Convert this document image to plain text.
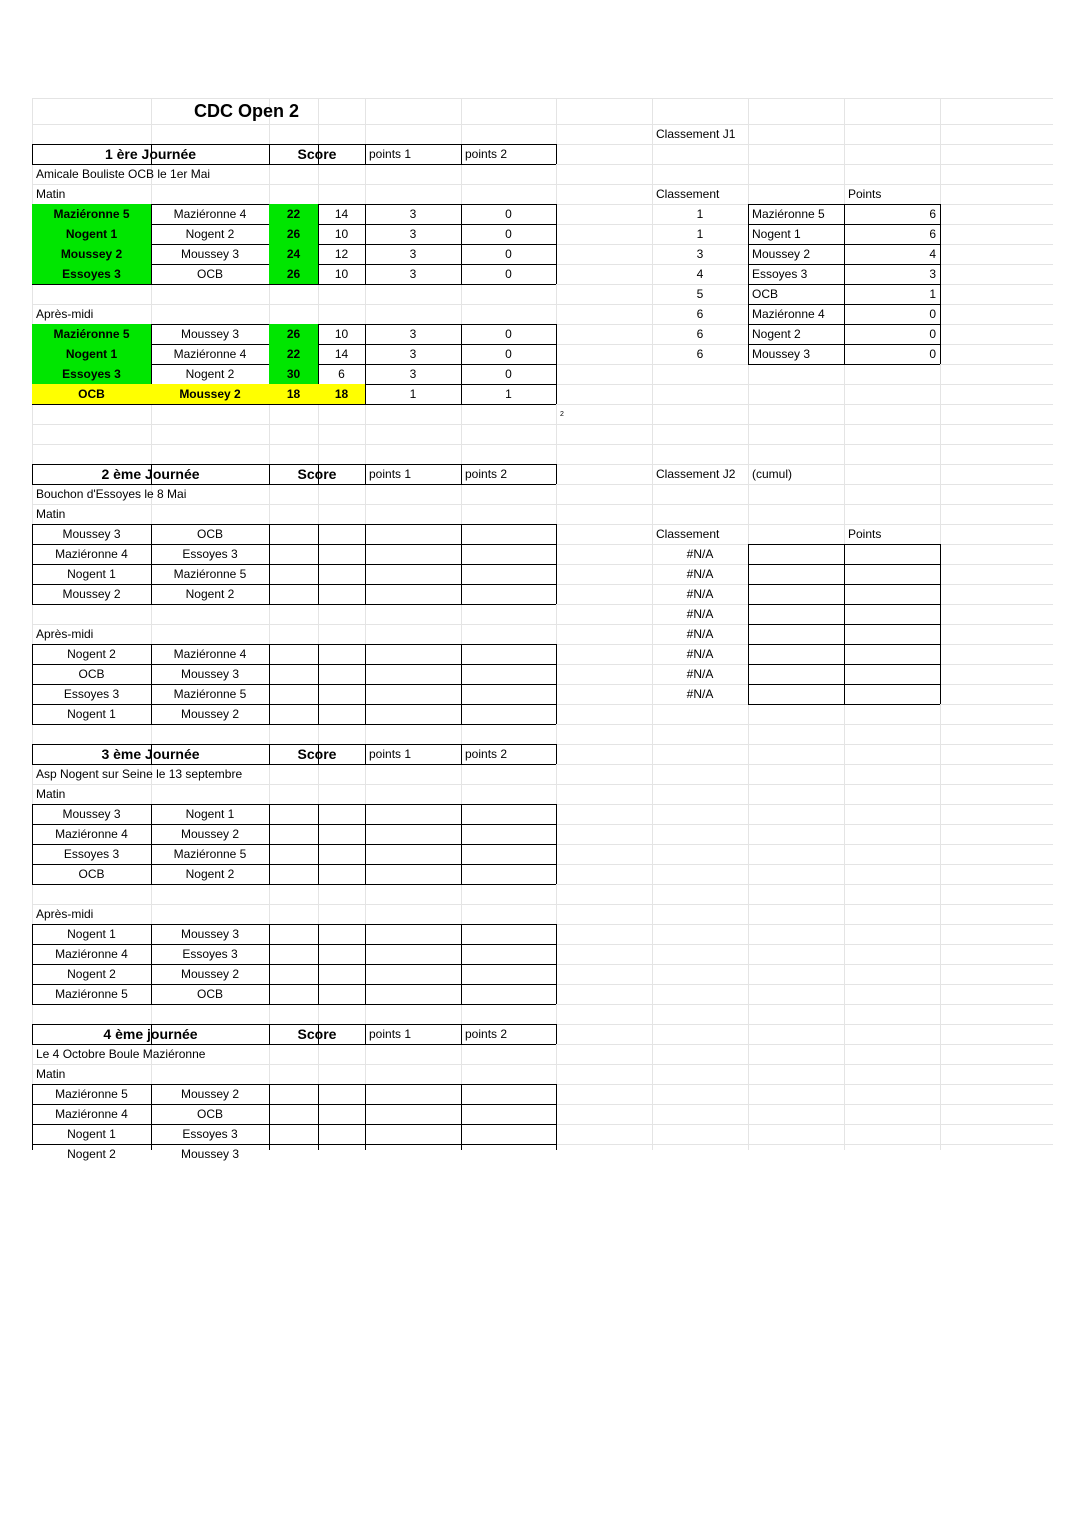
CDC Open 2
1 ère Journée	Score	points 1	points 2
Amicale Bouliste OCB le 1er Mai
Matin
Maziéronne 5	Maziéronne 4	22	14	3	0
Nogent 1	Nogent 2	26	10	3	0
Moussey 2	Moussey 3	24	12	3	0
Essoyes 3	OCB	26	10	3	0
Après-midi
Maziéronne 5	Moussey 3	26	10	3	0
Nogent 1	Maziéronne 4	22	14	3	0
Essoyes 3	Nogent 2	30	6	3	0
OCB	Moussey 2	18	18	1	1
2
2 ème Journée	Score	points 1	points 2
Bouchon d'Essoyes le 8 Mai
Matin
Moussey 3	OCB
Maziéronne 4	Essoyes 3
Nogent 1	Maziéronne 5
Moussey 2	Nogent 2
Après-midi
Nogent 2	Maziéronne 4
OCB	Moussey 3
Essoyes 3	Maziéronne 5
Nogent 1	Moussey 2
3 ème Journée	Score	points 1	points 2
Asp Nogent sur Seine le 13 septembre
Matin
Moussey 3	Nogent 1
Maziéronne 4	Moussey 2
Essoyes 3	Maziéronne 5
OCB	Nogent 2
Après-midi
Nogent 1	Moussey 3
Maziéronne 4	Essoyes 3
Nogent 2	Moussey 2
Maziéronne 5	OCB
4 ème journée	Score	points 1	points 2
Le 4 Octobre Boule Maziéronne
Matin
Maziéronne 5	Moussey 2
Maziéronne 4	OCB
Nogent 1	Essoyes 3
Nogent 2	Moussey 3
Classement J1
Classement	Points
1	Maziéronne 5	6
1	Nogent 1	6
3	Moussey 2	4
4	Essoyes 3	3
5	OCB	1
6	Maziéronne 4	0
6	Nogent 2	0
6	Moussey 3	0
Classement J2	(cumul)
Classement	Points
#N/A
#N/A
#N/A
#N/A
#N/A
#N/A
#N/A
#N/A
